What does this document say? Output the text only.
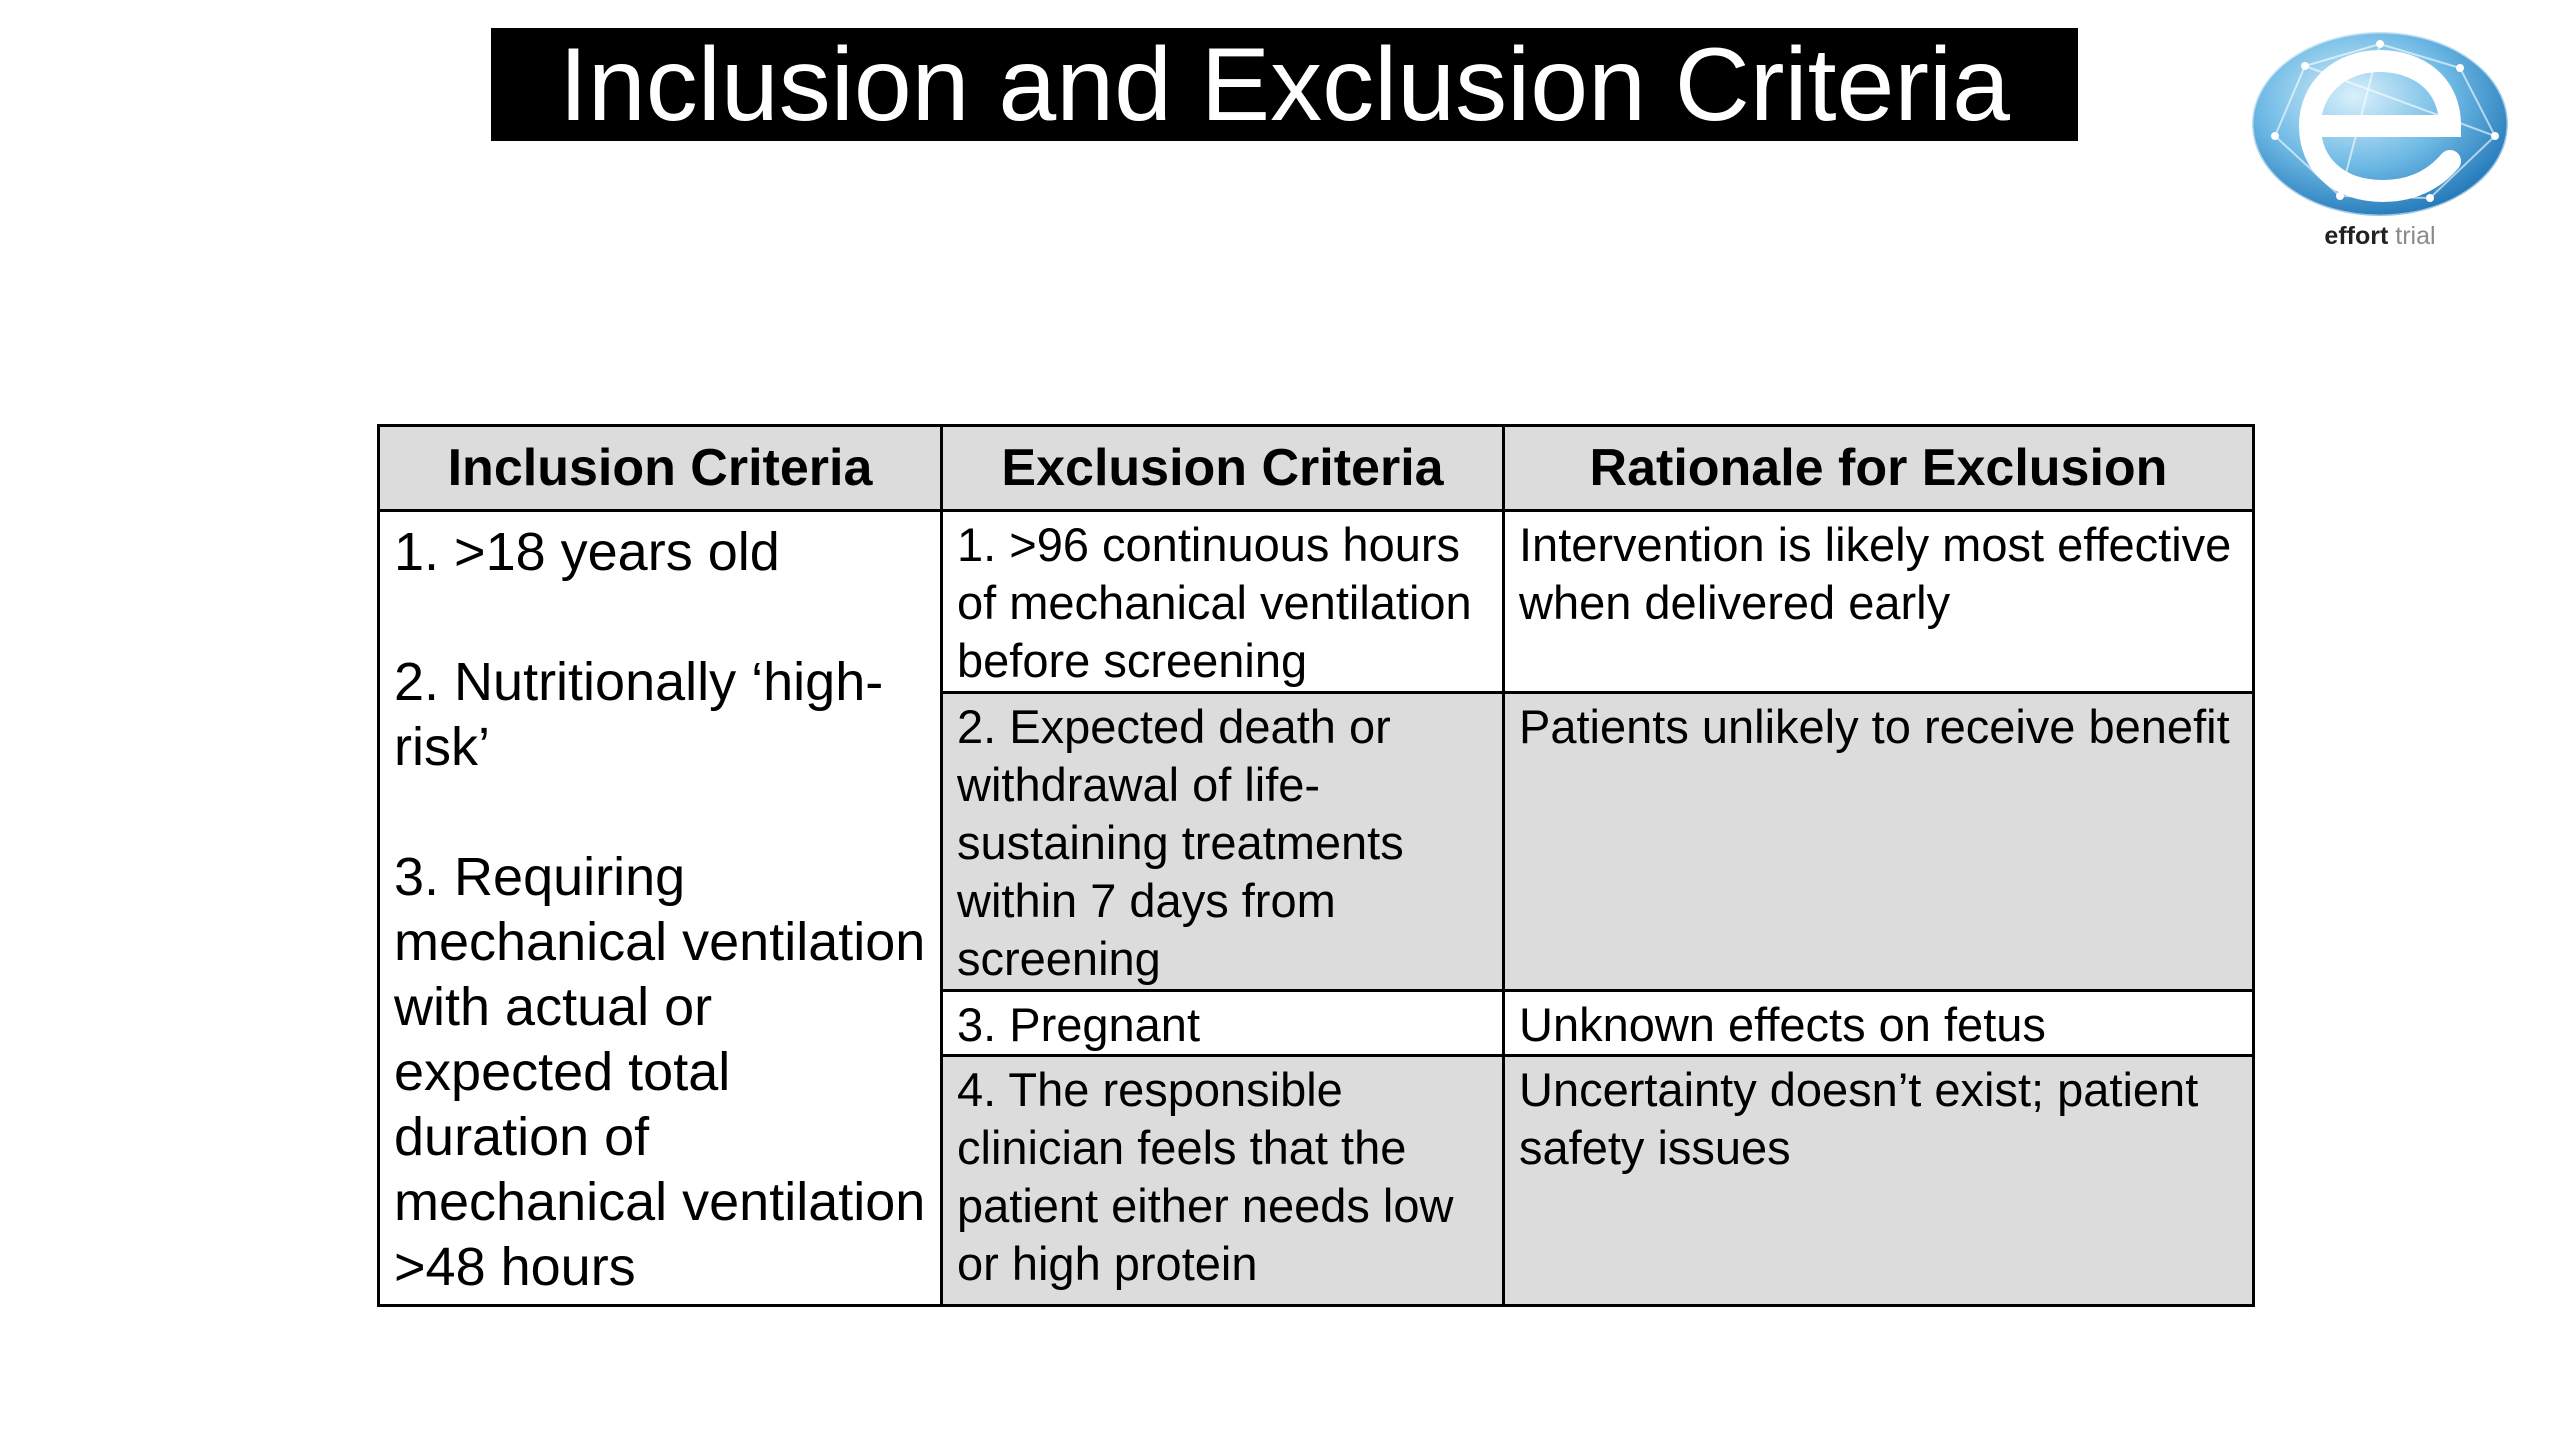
Inclusion and Exclusion Criteria
effort trial
Inclusion Criteria	Exclusion Criteria	Rationale for Exclusion

1. >18 years old

2. Nutritionally ‘high-risk’

3. Requiring mechanical ventilation with actual or expected total duration of mechanical ventilation >48 hours	1. >96 continuous hours of mechanical ventilation before screening	Intervention is likely most effective when delivered early
	2. Expected death or withdrawal of life-sustaining treatments within 7 days from screening	Patients unlikely to receive benefit
	3. Pregnant	Unknown effects on fetus
	4. The responsible clinician feels that the patient either needs low or high protein	Uncertainty doesn’t exist; patient safety issues
